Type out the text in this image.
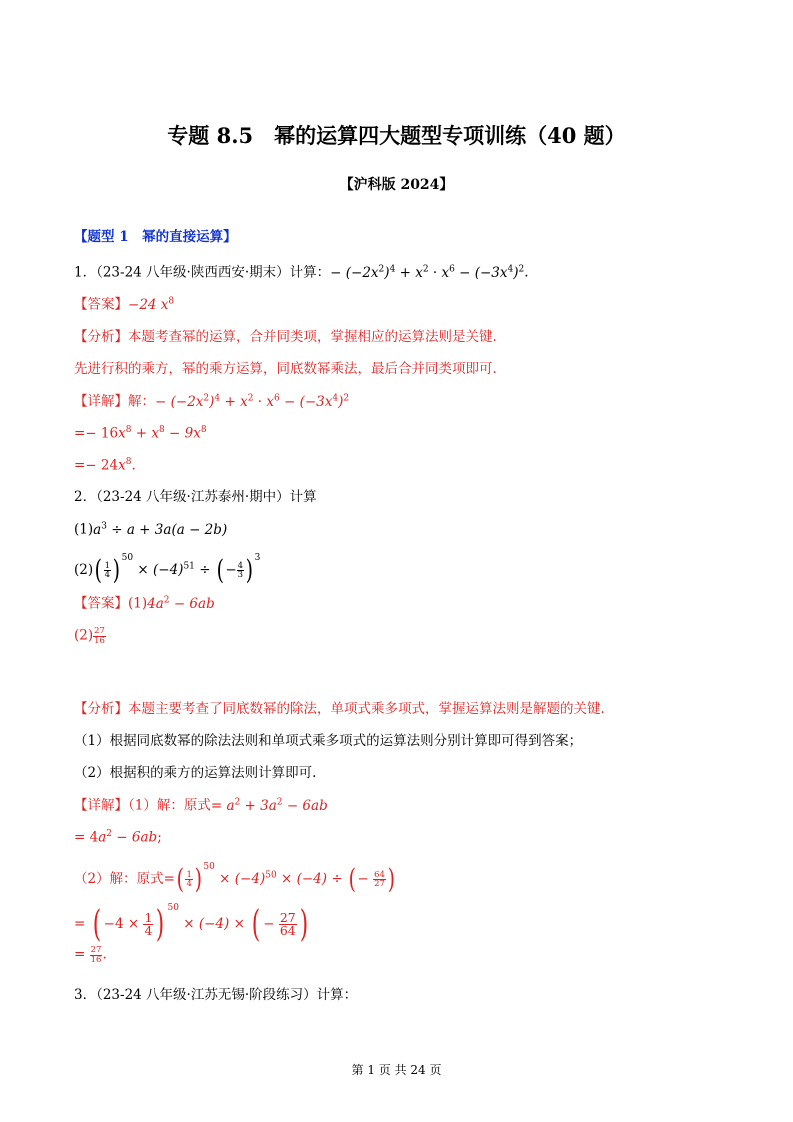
专题 8.5　幂的运算四大题型专项训练（40 题）
【沪科版 2024】
【题型 1　幂的直接运算】
1．（23-24 八年级·陕西西安·期末）计算：− $(-2x^2)^4 + x^2 \cdot x^6 - (-3x^4)^2$.
【答案】−24 $x^8$
【分析】本题考查幂的运算，合并同类项，掌握相应的运算法则是关键.
先进行积的乘方，幂的乘方运算，同底数幂乘法，最后合并同类项即可.
【详解】解：− $(-2x^2)^4 + x^2 \cdot x^6 - (-3x^4)^2$
=− $16x^8 + x^8 - 9x^8$
=− $24x^8$.
2．（23-24 八年级·江苏泰州·期中）计算
$(1)a^3 \div a + 3a(a - 2b)$
$(2)( \frac{1}{4}$ ) $^{50} \times (-4)^{51}$ ÷ ( − $\frac{4}{3}$ ) $^3$
【答案】$(1)4a^2 - 6ab$
$(2) \frac{27}{16}$
【分析】本题主要考查了同底数幂的除法，单项式乘多项式，掌握运算法则是解题的关键.
（1）根据同底数幂的除法法则和单项式乘多项式的运算法则分别计算即可得到答案；
（2）根据积的乘方的运算法则计算即可.
【详解】（1）解：原式= $a^2 + 3a^2 - 6ab$
= $4a^2 - 6ab$;
（2）解：原式=( $\frac{1}{4}$ ) $^{50} \times (-4)^{50} \times (-4)$ ÷ ( − $\frac{64}{27}$ )
= ( $-4 \times \frac{1}{4}$ ) $^{50}$ × (−4) × ( − $\frac{27}{64}$ )
= $\frac{27}{16}$ .
3．（23-24 八年级·江苏无锡·阶段练习）计算：
第 1 页 共 24 页
